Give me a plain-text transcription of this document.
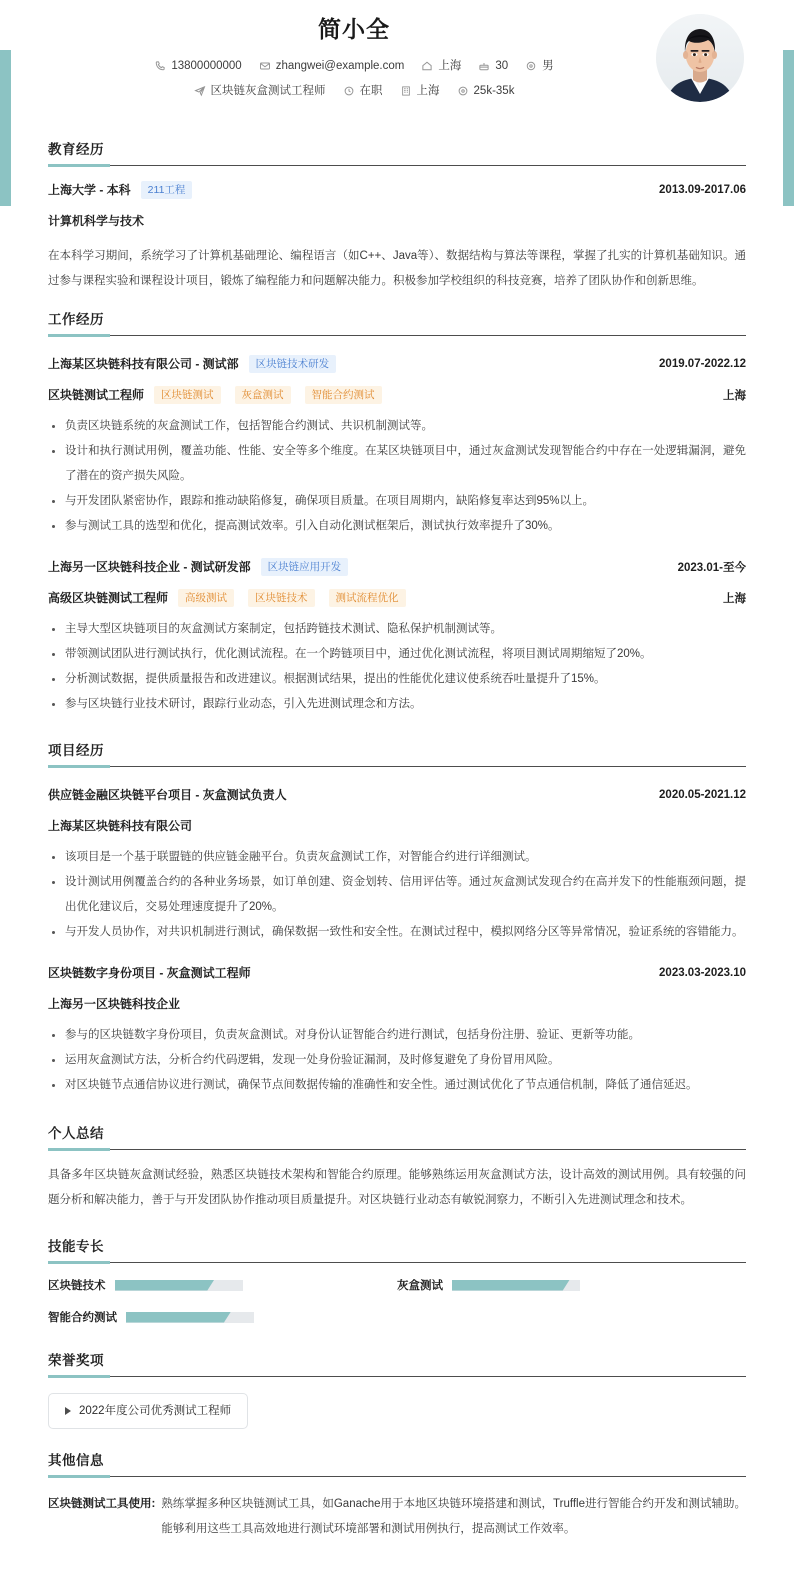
简小全
13800000000	zhangwei@example.com	上海	30	男
区块链灰盒测试工程师	在职	上海	25k-35k
教育经历
上海大学 - 本科	211工程	2013.09-2017.06
计算机科学与技术
在本科学习期间，系统学习了计算机基础理论、编程语言（如C++、Java等）、数据结构与算法等课程，掌握了扎实的计算机基础知识。通过参与课程实验和课程设计项目，锻炼了编程能力和问题解决能力。积极参加学校组织的科技竞赛，培养了团队协作和创新思维。
工作经历
上海某区块链科技有限公司 - 测试部	区块链技术研发	2019.07-2022.12
区块链测试工程师	区块链测试	灰盒测试	智能合约测试	上海
负责区块链系统的灰盒测试工作，包括智能合约测试、共识机制测试等。
设计和执行测试用例，覆盖功能、性能、安全等多个维度。在某区块链项目中，通过灰盒测试发现智能合约中存在一处逻辑漏洞，避免了潜在的资产损失风险。
与开发团队紧密协作，跟踪和推动缺陷修复，确保项目质量。在项目周期内，缺陷修复率达到95%以上。
参与测试工具的选型和优化，提高测试效率。引入自动化测试框架后，测试执行效率提升了30%。
上海另一区块链科技企业 - 测试研发部	区块链应用开发	2023.01-至今
高级区块链测试工程师	高级测试	区块链技术	测试流程优化	上海
主导大型区块链项目的灰盒测试方案制定，包括跨链技术测试、隐私保护机制测试等。
带领测试团队进行测试执行，优化测试流程。在一个跨链项目中，通过优化测试流程，将项目测试周期缩短了20%。
分析测试数据，提供质量报告和改进建议。根据测试结果，提出的性能优化建议使系统吞吐量提升了15%。
参与区块链行业技术研讨，跟踪行业动态，引入先进测试理念和方法。
项目经历
供应链金融区块链平台项目 - 灰盒测试负责人	2020.05-2021.12
上海某区块链科技有限公司
该项目是一个基于联盟链的供应链金融平台。负责灰盒测试工作，对智能合约进行详细测试。
设计测试用例覆盖合约的各种业务场景，如订单创建、资金划转、信用评估等。通过灰盒测试发现合约在高并发下的性能瓶颈问题，提出优化建议后，交易处理速度提升了20%。
与开发人员协作，对共识机制进行测试，确保数据一致性和安全性。在测试过程中，模拟网络分区等异常情况，验证系统的容错能力。
区块链数字身份项目 - 灰盒测试工程师	2023.03-2023.10
上海另一区块链科技企业
参与的区块链数字身份项目，负责灰盒测试。对身份认证智能合约进行测试，包括身份注册、验证、更新等功能。
运用灰盒测试方法，分析合约代码逻辑，发现一处身份验证漏洞，及时修复避免了身份冒用风险。
对区块链节点通信协议进行测试，确保节点间数据传输的准确性和安全性。通过测试优化了节点通信机制，降低了通信延迟。
个人总结
具备多年区块链灰盒测试经验，熟悉区块链技术架构和智能合约原理。能够熟练运用灰盒测试方法，设计高效的测试用例。具有较强的问题分析和解决能力，善于与开发团队协作推动项目质量提升。对区块链行业动态有敏锐洞察力，不断引入先进测试理念和技术。
技能专长
区块链技术	灰盒测试
智能合约测试
荣誉奖项
2022年度公司优秀测试工程师
其他信息
区块链测试工具使用: 熟练掌握多种区块链测试工具，如Ganache用于本地区块链环境搭建和测试，Truffle进行智能合约开发和测试辅助。能够利用这些工具高效地进行测试环境部署和测试用例执行，提高测试工作效率。
